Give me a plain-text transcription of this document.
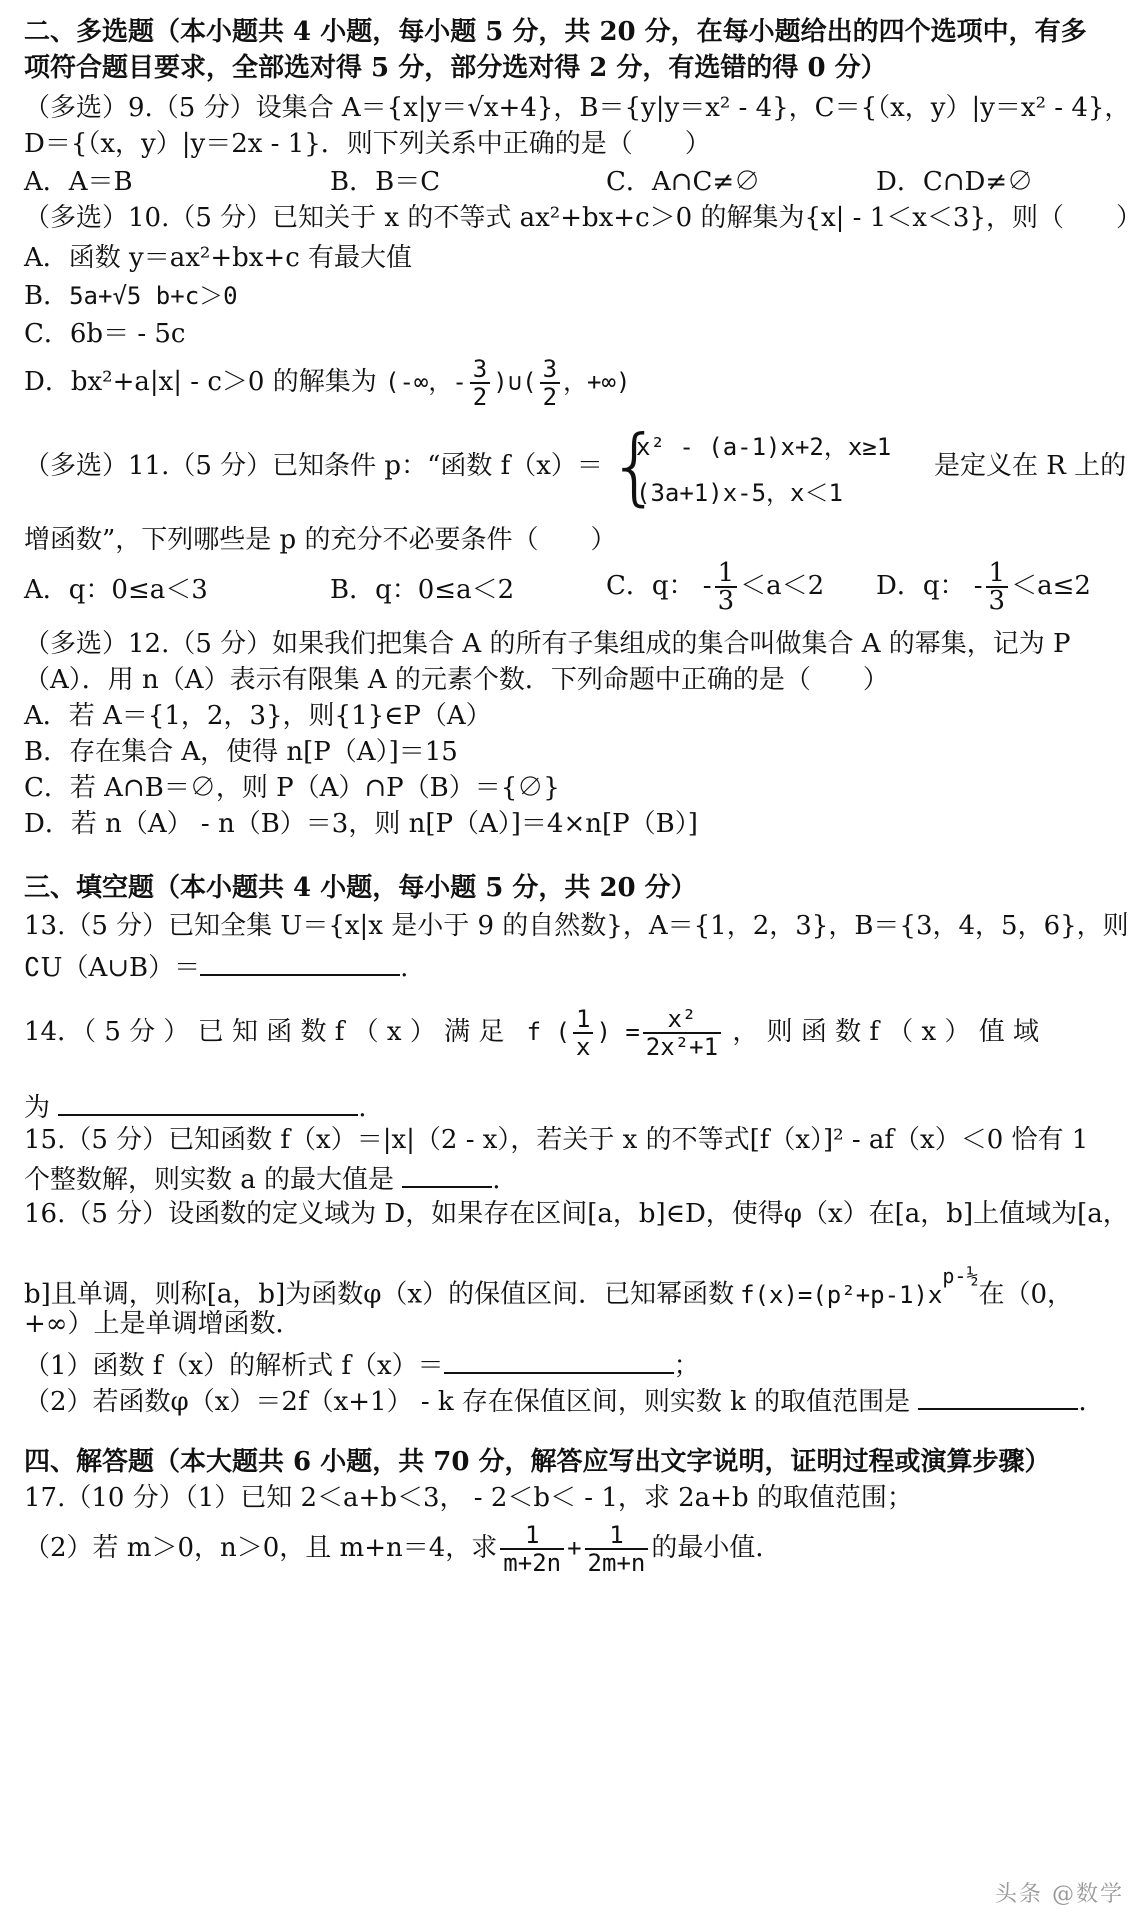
二、多选题（本小题共 4 小题，每小题 5 分，共 20 分，在每小题给出的四个选项中，有多
项符合题目要求，全部选对得 5 分，部分选对得 2 分，有选错的得 0 分）
（多选）9.（5 分）设集合 A＝{x|y＝√x+4}，B＝{y|y＝x² - 4}，C＝{（x，y）|y＝x² - 4}，
D＝{（x，y）|y＝2x - 1}．则下列关系中正确的是（　　）
A．A＝B	B．B＝C	C．A∩C≠∅	D．C∩D≠∅
（多选）10.（5 分）已知关于 x 的不等式 ax²+bx+c＞0 的解集为{x| - 1＜x＜3}，则（　　）
A．函数 y＝ax²+bx+c 有最大值
B．5a+√5 b+c＞0
C．6b＝ - 5c
D．bx²+a|x| - c＞0 的解集为 (-∞，- $\frac{3}{2}$ )∪( $\frac{3}{2}$ ，+∞)
（多选）11.（5 分）已知条件 p：“函数 f（x）＝ {
x² - (a-1)x+2，x≥1
(3a+1)x-5，x＜1
是定义在 R 上的
增函数”，下列哪些是 p 的充分不必要条件（　　）
A．q：0≤a＜3	B．q：0≤a＜2	C．q： - $\frac{1}{3} <a<2$ D．q： - $\frac{1}{3} <a\le 2$
（多选）12.（5 分）如果我们把集合 A 的所有子集组成的集合叫做集合 A 的幂集，记为 P
（A）．用 n（A）表示有限集 A 的元素个数．下列命题中正确的是（　　）
A．若 A＝{1，2，3}，则{1}∈P（A）
B．存在集合 A，使得 n[P（A）]＝15
C．若 A∩B＝∅，则 P（A）∩P（B）＝{∅}
D．若 n（A） - n（B）＝3，则 n[P（A）]＝4×n[P（B）]
三、填空题（本小题共 4 小题，每小题 5 分，共 20 分）
13.（5 分）已知全集 U＝{x|x 是小于 9 的自然数}，A＝{1，2，3}，B＝{3，4，5，6}，则
∁U（A∪B）＝	.
14．（ 5 分 ） 已 知 函 数 f （ x ） 满 足 f ( $\frac{1}{x}$ ) = $\frac{\text{x²}}{\text{2x²+1}}$ ， 则 函 数 f （ x ） 值 域
为	.
15.（5 分）已知函数 f（x）＝|x|（2 - x），若关于 x 的不等式[f（x）]² - af（x）＜0 恰有 1
个整数解，则实数 a 的最大值是	.
16.（5 分）设函数的定义域为 D，如果存在区间[a，b]∈D，使得φ（x）在[a，b]上值域为[a，
b]且单调，则称[a，b]为函数φ（x）的保值区间．已知幂函数 $f(x)=(p^2+p-1)x^{p-\frac{1}{2}}$在（0，
+∞）上是单调增函数．
（1）函数 f（x）的解析式 f（x）＝	；
（2）若函数φ（x）＝2f（x+1） - k 存在保值区间，则实数 k 的取值范围是	．
四、解答题（本大题共 6 小题，共 70 分，解答应写出文字说明，证明过程或演算步骤）
17.（10 分）（1）已知 2＜a+b＜3， - 2＜b＜ - 1，求 2a+b 的取值范围；
（2）若 m＞0，n＞0，且 m+n＝4，求 $\frac{1}{m+2n} + \frac{1}{2m+n}$ 的最小值．
头条 @数学
